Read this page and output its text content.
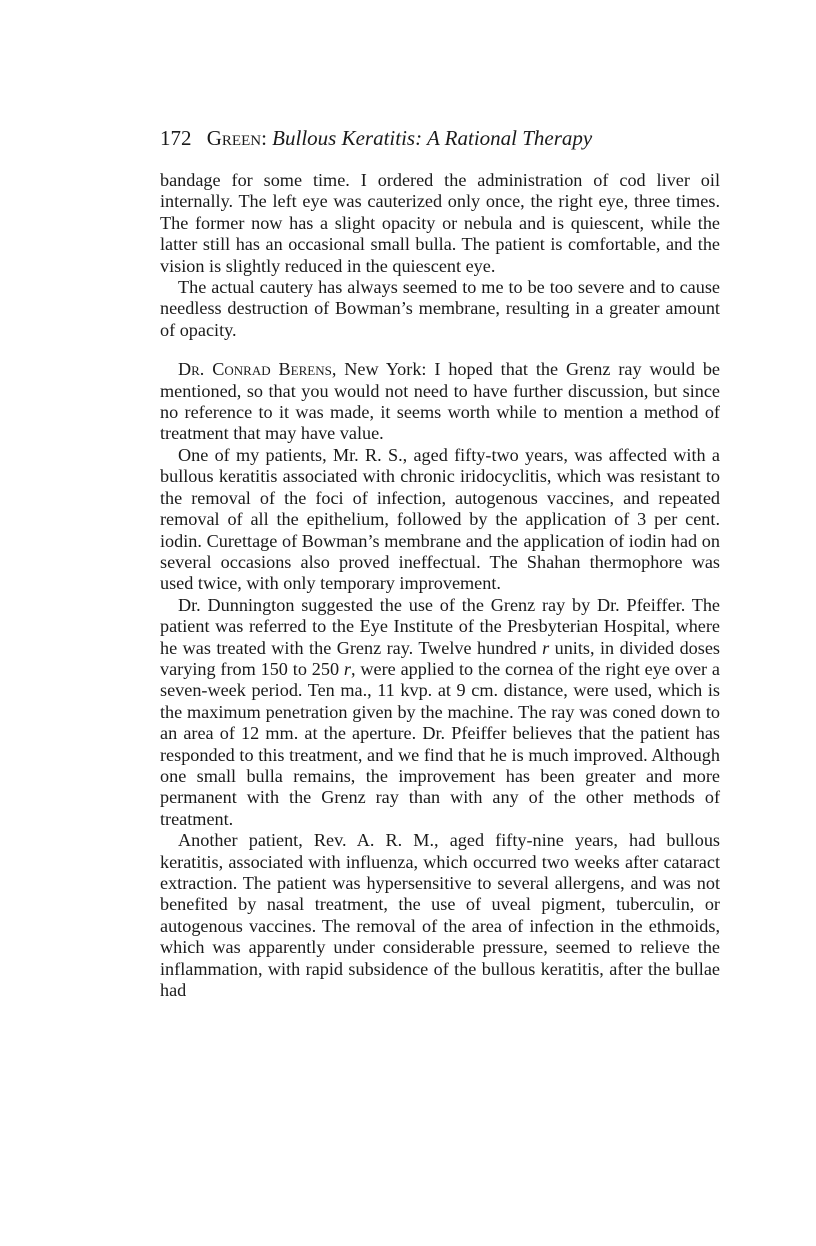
172 Green: Bullous Keratitis: A Rational Therapy

bandage for some time. I ordered the administration of cod liver oil internally. The left eye was cauterized only once, the right eye, three times. The former now has a slight opacity or nebula and is quiescent, while the latter still has an occasional small bulla. The patient is comfortable, and the vision is slightly reduced in the quiescent eye.

The actual cautery has always seemed to me to be too severe and to cause needless destruction of Bowman’s membrane, resulting in a greater amount of opacity.

Dr. Conrad Berens, New York: I hoped that the Grenz ray would be mentioned, so that you would not need to have further discussion, but since no reference to it was made, it seems worth while to mention a method of treatment that may have value.

One of my patients, Mr. R. S., aged fifty-two years, was affected with a bullous keratitis associated with chronic iridocyclitis, which was resistant to the removal of the foci of infection, autogenous vaccines, and repeated removal of all the epithelium, followed by the application of 3 per cent. iodin. Curettage of Bowman’s membrane and the application of iodin had on several occasions also proved ineffectual. The Shahan thermophore was used twice, with only temporary improvement.

Dr. Dunnington suggested the use of the Grenz ray by Dr. Pfeiffer. The patient was referred to the Eye Institute of the Presbyterian Hospital, where he was treated with the Grenz ray. Twelve hundred r units, in divided doses varying from 150 to 250 r, were applied to the cornea of the right eye over a seven-week period. Ten ma., 11 kvp. at 9 cm. distance, were used, which is the maximum penetration given by the machine. The ray was coned down to an area of 12 mm. at the aperture. Dr. Pfeiffer believes that the patient has responded to this treatment, and we find that he is much improved. Although one small bulla remains, the improvement has been greater and more permanent with the Grenz ray than with any of the other methods of treatment.

Another patient, Rev. A. R. M., aged fifty-nine years, had bullous keratitis, associated with influenza, which occurred two weeks after cataract extraction. The patient was hypersensitive to several allergens, and was not benefited by nasal treatment, the use of uveal pigment, tuberculin, or autogenous vaccines. The removal of the area of infection in the ethmoids, which was apparently under considerable pressure, seemed to relieve the inflammation, with rapid subsidence of the bullous keratitis, after the bullae had
